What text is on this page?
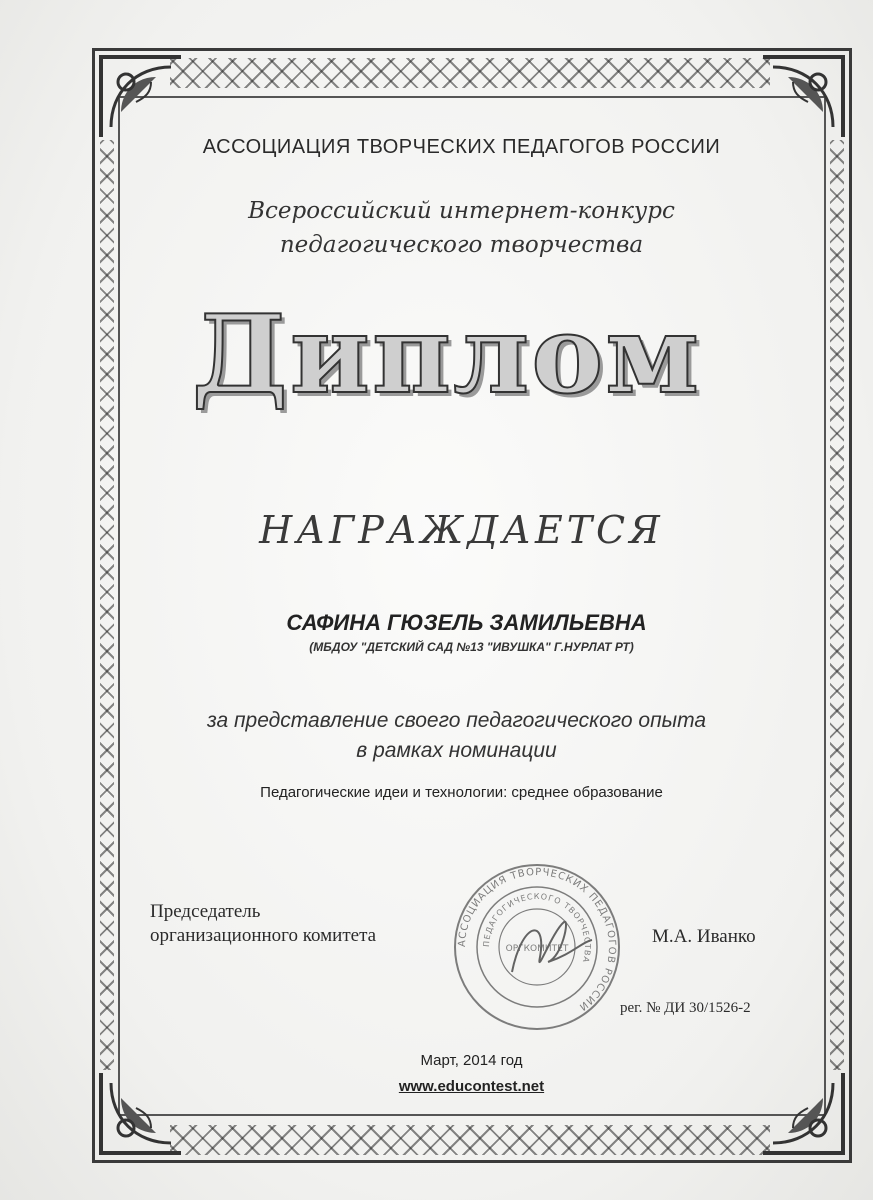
АССОЦИАЦИЯ ТВОРЧЕСКИХ ПЕДАГОГОВ РОССИИ
Всероссийский интернет-конкурс
педагогического творчества
Диплом
НАГРАЖДАЕТСЯ
САФИНА ГЮЗЕЛЬ ЗАМИЛЬЕВНА
(МБДОУ "ДЕТСКИЙ САД №13 "ИВУШКА" Г.НУРЛАТ РТ)
за представление своего педагогического опыта
в рамках номинации
Педагогические идеи и технологии: среднее образование
Председатель
организационного комитета	АССОЦИАЦИЯ ТВОРЧЕСКИХ ПЕДАГОГОВ РОССИИ
ПЕДАГОГИЧЕСКОГО ТВОРЧЕСТВА
ОРГКОМИТЕТ
М.А. Иванко
рег. № ДИ 30/1526-2
Март, 2014 год
www.educontest.net
